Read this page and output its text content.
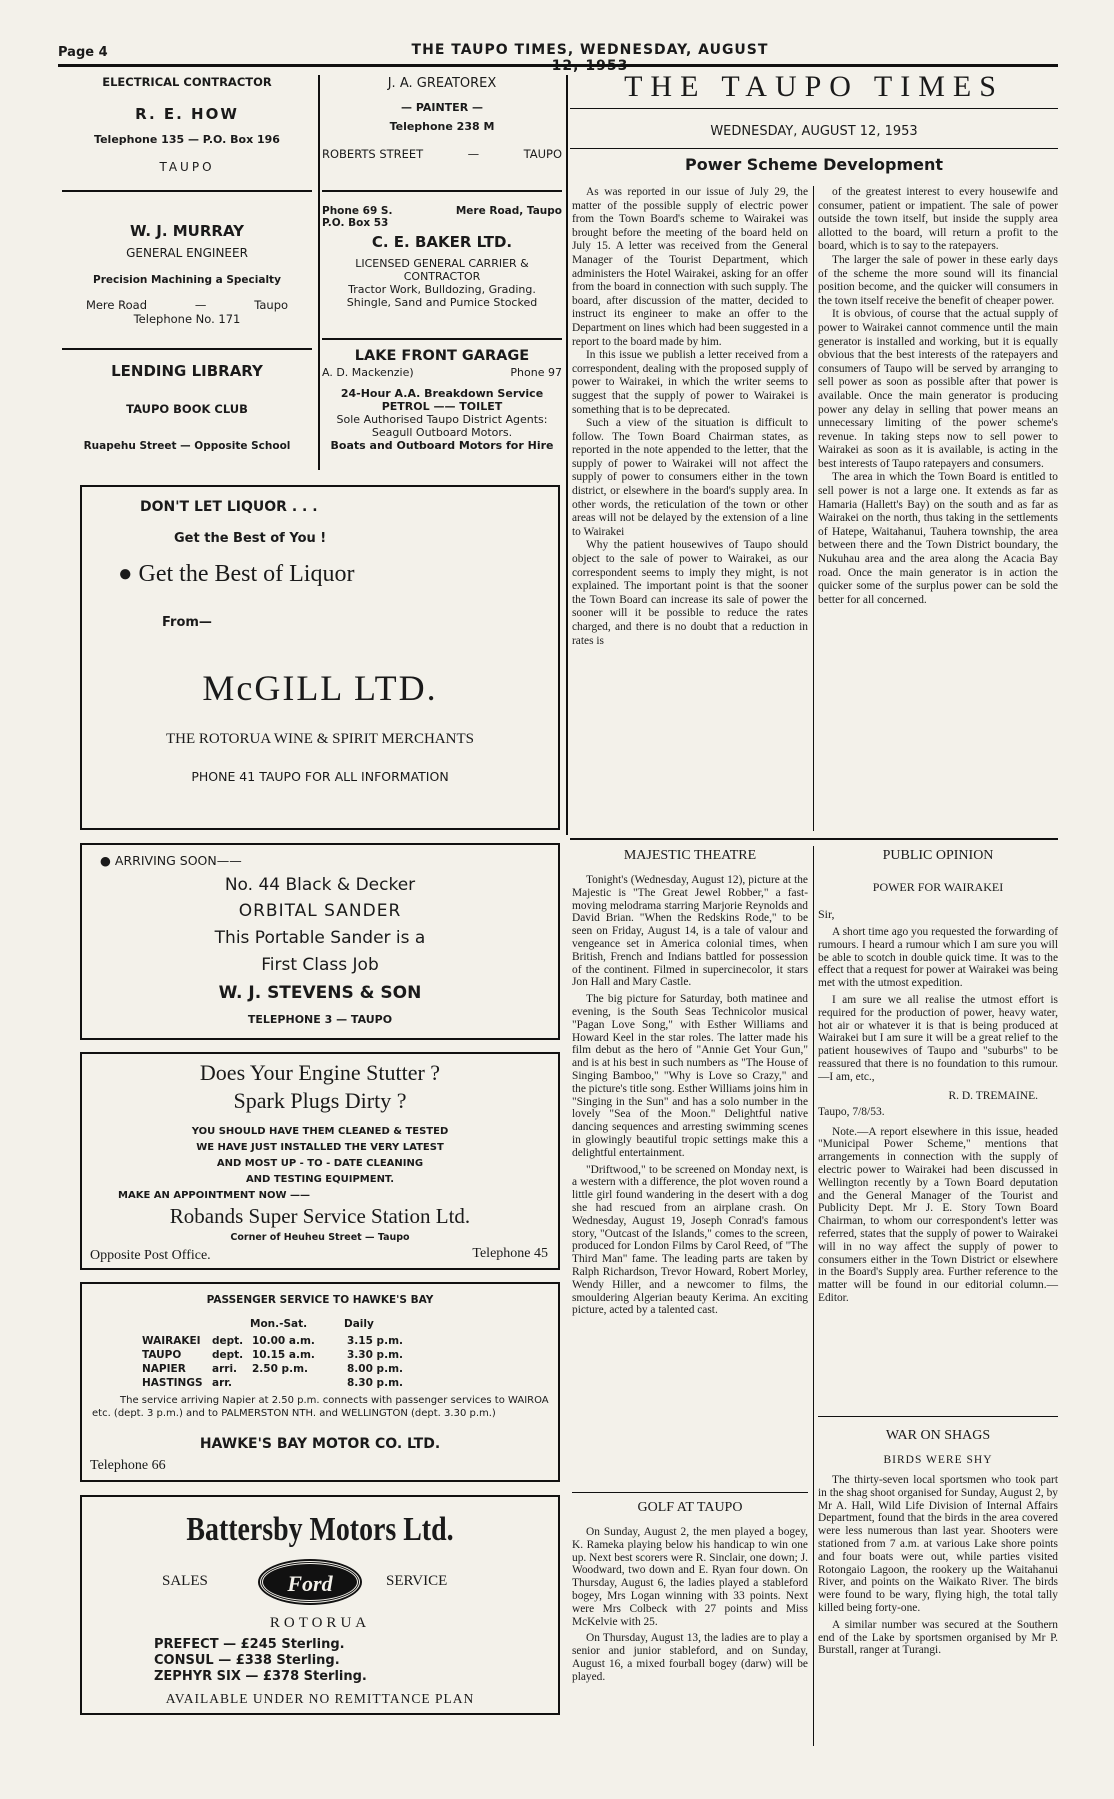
Page 4	THE TAUPO TIMES, WEDNESDAY, AUGUST
ELECTRICAL CONTRACTOR
R. E. HOW
Telephone 135 — P.O. Box 196
TAUPO
W. J. MURRAY
GENERAL ENGINEER
Precision Machining a Specialty
Mere Road	—	Taupo
Telephone No. 171
LENDING LIBRARY
TAUPO BOOK CLUB
Ruapehu Street — Opposite School
J. A. GREATOREX
— PAINTER —
Telephone 238 M
ROBERTS STREET	—	TAUPO
Phone 69 S.	Mere Road, Taupo
P.O. Box 53
C. E. BAKER LTD.
LICENSED GENERAL CARRIER &
CONTRACTOR
Tractor Work, Bulldozing, Grading.
Shingle, Sand and Pumice Stocked
LAKE FRONT GARAGE
A. D. Mackenzie)	Phone 97
24-Hour A.A. Breakdown Service
PETROL —— TOILET
Sole Authorised Taupo District Agents:
Seagull Outboard Motors.
Boats and Outboard Motors for Hire
DON'T LET LIQUOR . . .
Get the Best of You !
● Get the Best of Liquor
From—
McGILL LTD.
THE ROTORUA WINE & SPIRIT MERCHANTS
PHONE 41 TAUPO FOR ALL INFORMATION
● ARRIVING SOON——
No. 44 Black & Decker
ORBITAL SANDER
This Portable Sander is a
First Class Job
W. J. STEVENS & SON
TELEPHONE 3 — TAUPO
Does Your Engine Stutter ?
Spark Plugs Dirty ?
YOU SHOULD HAVE THEM CLEANED & TESTED
WE HAVE JUST INSTALLED THE VERY LATEST
AND MOST UP - TO - DATE CLEANING
AND TESTING EQUIPMENT.
MAKE AN APPOINTMENT NOW ——
Robands Super Service Station Ltd.
Corner of Heuheu Street — Taupo
Opposite Post Office.	Telephone 45
PASSENGER SERVICE TO HAWKE'S BAY
Mon.-Sat.	Daily
WAIRAKEI dept. 10.00 a.m.	3.15 p.m.
TAUPO	dept. 10.15 a.m.	3.30 p.m.
NAPIER arri. 2.50 p.m.	8.00 p.m.
HASTINGS arr.	8.30 p.m.
The service arriving Napier at 2.50 p.m. connects with passenger services to WAIROA etc. (dept. 3 p.m.) and to PALMERSTON NTH. and WELLINGTON (dept. 3.30 p.m.)
HAWKE'S BAY MOTOR CO. LTD.
Telephone 66
Battersby Motors Ltd.
SALES	Ford	SERVICE
ROTORUA
PREFECT — £245 Sterling.
CONSUL — £338 Sterling.
ZEPHYR SIX — £378 Sterling.
AVAILABLE UNDER NO REMITTANCE PLAN
THE TAUPO TIMES
WEDNESDAY, AUGUST 12, 1953
Power Scheme Development

As was reported in our issue of July 29, the matter of the possible supply of electric power from the Town Board's scheme to Wairakei was brought before the meeting of the board held on July 15. A letter was received from the General Manager of the Tourist Department, which administers the Hotel Wairakei, asking for an offer from the board in connection with such supply. The board, after discussion of the matter, decided to instruct its engineer to make an offer to the Department on lines which had been suggested in a report to the board made by him.

In this issue we publish a letter received from a correspondent, dealing with the proposed supply of power to Wairakei, in which the writer seems to suggest that the supply of power to Wairakei is something that is to be deprecated.

Such a view of the situation is difficult to follow. The Town Board Chairman states, as reported in the note appended to the letter, that the supply of power to Wairakei will not affect the supply of power to consumers either in the town district, or elsewhere in the board's supply area. In other words, the reticulation of the town or other areas will not be delayed by the extension of a line to Wairakei

Why the patient housewives of Taupo should object to the sale of power to Wairakei, as our correspondent seems to imply they might, is not explained. The important point is that the sooner the Town Board can increase its sale of power the sooner will it be possible to reduce the rates charged, and there is no doubt that a reduction in rates is

of the greatest interest to every housewife and consumer, patient or impatient. The sale of power outside the town itself, but inside the supply area allotted to the board, will return a profit to the board, which is to say to the ratepayers.

The larger the sale of power in these early days of the scheme the more sound will its financial position become, and the quicker will consumers in the town itself receive the benefit of cheaper power.

It is obvious, of course that the actual supply of power to Wairakei cannot commence until the main generator is installed and working, but it is equally obvious that the best interests of the ratepayers and consumers of Taupo will be served by arranging to sell power as soon as possible after that power is available. Once the main generator is producing power any delay in selling that power means an unnecessary limiting of the power scheme's revenue. In taking steps now to sell power to Wairakei as soon as it is available, is acting in the best interests of Taupo ratepayers and consumers.

The area in which the Town Board is entitled to sell power is not a large one. It extends as far as Hamaria (Hallett's Bay) on the south and as far as Wairakei on the north, thus taking in the settlements of Hatepe, Waitahanui, Tauhera township, the area between there and the Town District boundary, the Nukuhau area and the area along the Acacia Bay road. Once the main generator is in action the quicker some of the surplus power can be sold the better for all concerned.

MAJESTIC THEATRE

Tonight's (Wednesday, August 12), picture at the Majestic is "The Great Jewel Robber," a fast-moving melodrama starring Marjorie Reynolds and David Brian. "When the Redskins Rode," to be seen on Friday, August 14, is a tale of valour and vengeance set in America colonial times, when British, French and Indians battled for possession of the continent. Filmed in supercinecolor, it stars Jon Hall and Mary Castle.

The big picture for Saturday, both matinee and evening, is the South Seas Technicolor musical "Pagan Love Song," with Esther Williams and Howard Keel in the star roles. The latter made his film debut as the hero of "Annie Get Your Gun," and is at his best in such numbers as "The House of Singing Bamboo," "Why is Love so Crazy," and the picture's title song. Esther Williams joins him in "Singing in the Sun" and has a solo number in the lovely "Sea of the Moon." Delightful native dancing sequences and arresting swimming scenes in glowingly beautiful tropic settings make this a delightful entertainment.

"Driftwood," to be screened on Monday next, is a western with a difference, the plot woven round a little girl found wandering in the desert with a dog she had rescued from an airplane crash. On Wednesday, August 19, Joseph Conrad's famous story, "Outcast of the Islands," comes to the screen, produced for London Films by Carol Reed, of "The Third Man" fame. The leading parts are taken by Ralph Richardson, Trevor Howard, Robert Morley, Wendy Hiller, and a newcomer to films, the smouldering Algerian beauty Kerima. An exciting picture, acted by a talented cast.

GOLF AT TAUPO

On Sunday, August 2, the men played a bogey, K. Rameka playing below his handicap to win one up. Next best scorers were R. Sinclair, one down; J. Woodward, two down and E. Ryan four down. On Thursday, August 6, the ladies played a stableford bogey, Mrs Logan winning with 33 points. Next were Mrs Colbeck with 27 points and Miss McKelvie with 25.

On Thursday, August 13, the ladies are to play a senior and junior stableford, and on Sunday, August 16, a mixed fourball bogey (darw) will be played.

PUBLIC OPINION
POWER FOR WAIRAKEI
Sir,

A short time ago you requested the forwarding of rumours. I heard a rumour which I am sure you will be able to scotch in double quick time. It was to the effect that a request for power at Wairakei was being met with the utmost expedition.

I am sure we all realise the utmost effort is required for the production of power, heavy water, hot air or whatever it is that is being produced at Wairakei but I am sure it will be a great relief to the patient housewives of Taupo and "suburbs" to be reassured that there is no foundation to this rumour.—I am, etc.,

R. D. TREMAINE.
Taupo, 7/8/53.

Note.—A report elsewhere in this issue, headed "Municipal Power Scheme," mentions that arrangements in connection with the supply of electric power to Wairakei had been discussed in Wellington recently by a Town Board deputation and the General Manager of the Tourist and Publicity Dept. Mr J. E. Story Town Board Chairman, to whom our correspondent's letter was referred, states that the supply of power to Wairakei will in no way affect the supply of power to consumers either in the Town District or elsewhere in the Board's Supply area. Further reference to the matter will be found in our editorial column.—Editor.

WAR ON SHAGS
BIRDS WERE SHY

The thirty-seven local sportsmen who took part in the shag shoot organised for Sunday, August 2, by Mr A. Hall, Wild Life Division of Internal Affairs Department, found that the birds in the area covered were less numerous than last year. Shooters were stationed from 7 a.m. at various Lake shore points and four boats were out, while parties visited Rotongaio Lagoon, the rookery up the Waitahanui River, and points on the Waikato River. The birds were found to be wary, flying high, the total tally killed being forty-one.

A similar number was secured at the Southern end of the Lake by sportsmen organised by Mr P. Burstall, ranger at Turangi.
